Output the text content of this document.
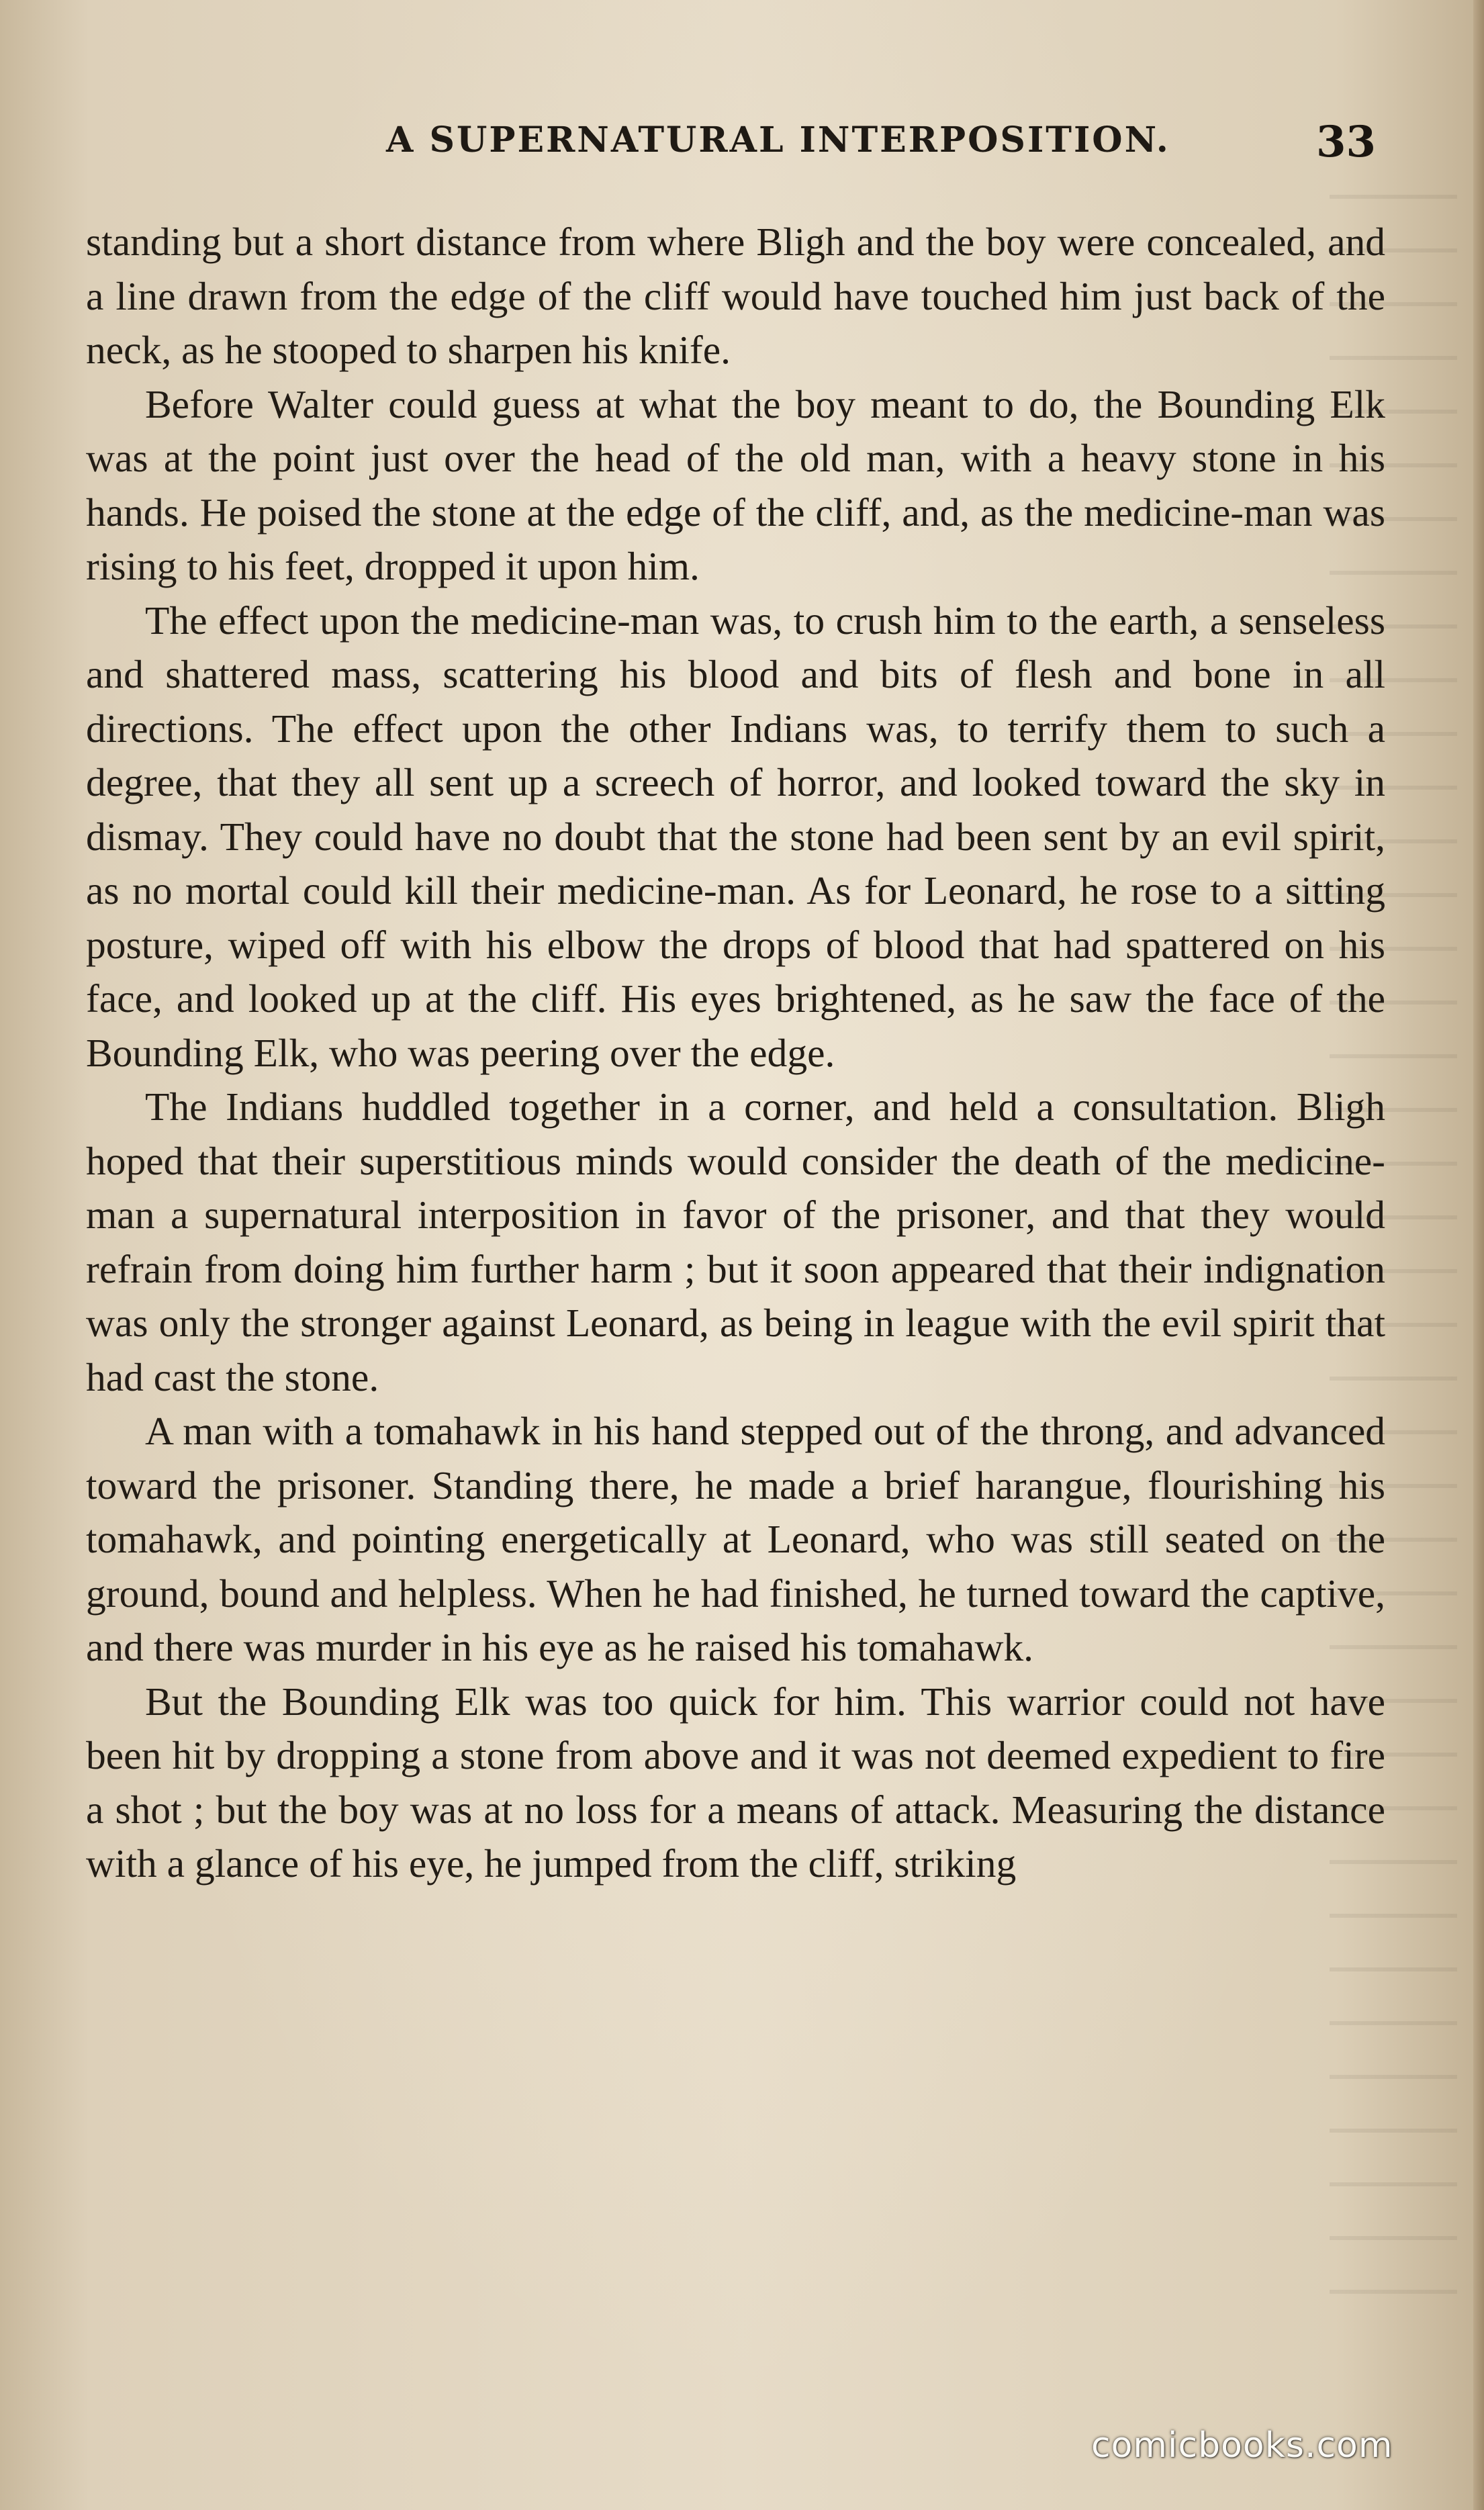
A SUPERNATURAL INTERPOSITION.	33

standing but a short distance from where Bligh and the boy were concealed, and a line drawn from the edge of the cliff would have touched him just back of the neck, as he stooped to sharpen his knife.

Before Walter could guess at what the boy meant to do, the Bounding Elk was at the point just over the head of the old man, with a heavy stone in his hands. He poised the stone at the edge of the cliff, and, as the medicine-man was rising to his feet, dropped it upon him.

The effect upon the medicine-man was, to crush him to the earth, a senseless and shattered mass, scattering his blood and bits of flesh and bone in all directions. The effect upon the other Indians was, to terrify them to such a degree, that they all sent up a screech of horror, and looked toward the sky in dismay. They could have no doubt that the stone had been sent by an evil spirit, as no mortal could kill their medicine-man. As for Leonard, he rose to a sitting posture, wiped off with his elbow the drops of blood that had spattered on his face, and looked up at the cliff. His eyes brightened, as he saw the face of the Bounding Elk, who was peering over the edge.

The Indians huddled together in a corner, and held a consultation. Bligh hoped that their superstitious minds would consider the death of the medicine-man a supernatural interposition in favor of the prisoner, and that they would refrain from doing him further harm ; but it soon appeared that their indignation was only the stronger against Leonard, as being in league with the evil spirit that had cast the stone.

A man with a tomahawk in his hand stepped out of the throng, and advanced toward the prisoner. Standing there, he made a brief harangue, flourishing his tomahawk, and pointing energetically at Leonard, who was still seated on the ground, bound and helpless. When he had finished, he turned toward the captive, and there was murder in his eye as he raised his tomahawk.

But the Bounding Elk was too quick for him. This warrior could not have been hit by dropping a stone from above and it was not deemed expedient to fire a shot ; but the boy was at no loss for a means of attack. Measuring the distance with a glance of his eye, he jumped from the cliff, striking

comicbooks.com
